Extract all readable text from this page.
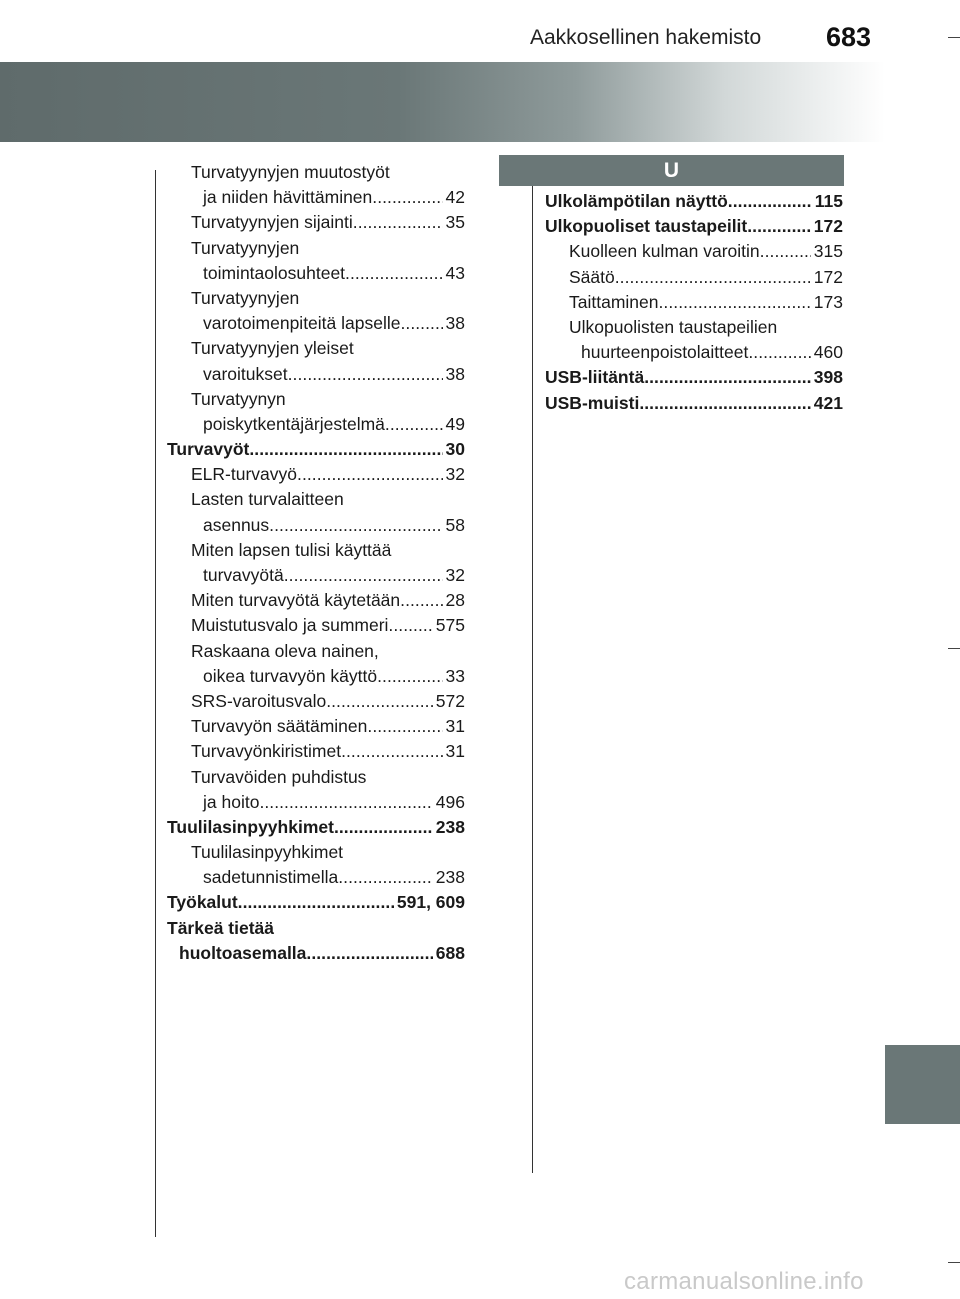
Aakkosellinen hakemisto 683
U
Turvatyynyjen muutostyöt
ja niiden hävittäminen . . .	42
Turvatyynyjen sijainti . . .	35
Turvatyynyjen
toimintaolosuhteet . . .	43
Turvatyynyjen
varotoimenpiteitä lapselle . . .	38
Turvatyynyjen yleiset
varoitukset . . .	38
Turvatyynyn
poiskytkentäjärjestelmä . . .	49
Turvavyöt . . .	30
ELR-turvavyö . . .	32
Lasten turvalaitteen
asennus . . .	58
Miten lapsen tulisi käyttää
turvavyötä . . .	32
Miten turvavyötä käytetään . . .	28
Muistutusvalo ja summeri . . .	575
Raskaana oleva nainen,
oikea turvavyön käyttö . . .	33
SRS-varoitusvalo . . .	572
Turvavyön säätäminen . . .	31
Turvavyönkiristimet . . .	31
Turvavöiden puhdistus
ja hoito . . .	496
Tuulilasinpyyhkimet . . .	238
Tuulilasinpyyhkimet
sadetunnistimella . . .	238
Työkalut . . .	591, 609
Tärkeä tietää
huoltoasemalla . . .	688
Ulkolämpötilan näyttö . . .	115
Ulkopuoliset taustapeilit . . .	172
Kuolleen kulman varoitin . . .	315
Säätö . . .	172
Taittaminen . . .	173
Ulkopuolisten taustapeilien
huurteenpoistolaitteet . . .	460
USB-liitäntä . . .	398
USB-muisti . . .	421
carmanualsonline.info
